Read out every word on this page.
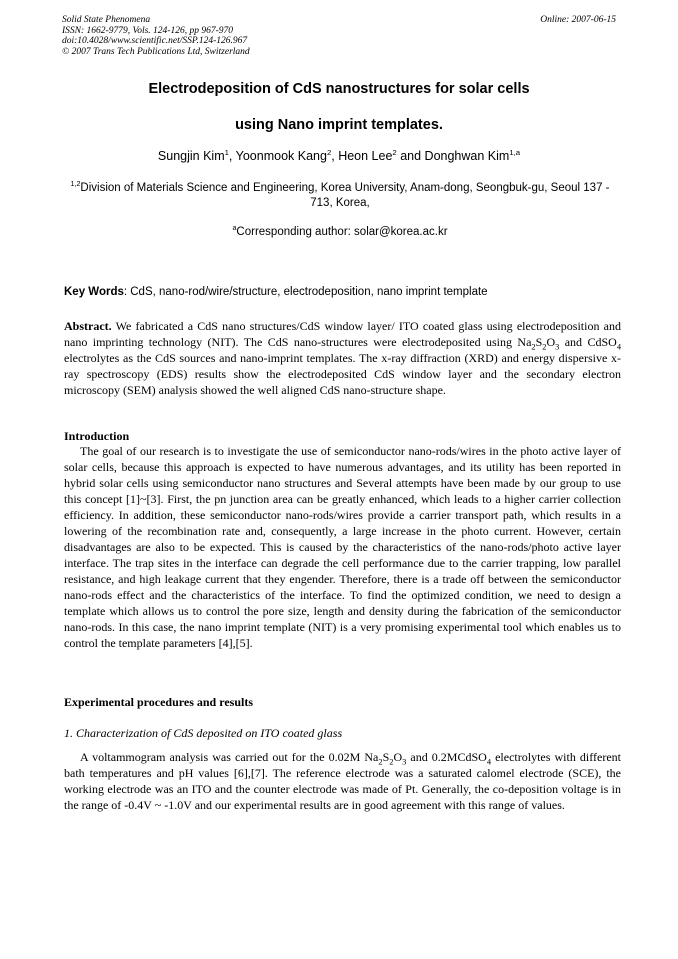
Solid State Phenomena
ISSN: 1662-9779, Vols. 124-126, pp 967-970
doi:10.4028/www.scientific.net/SSP.124-126.967
© 2007 Trans Tech Publications Ltd, Switzerland
Online: 2007-06-15
Electrodeposition of CdS nanostructures for solar cells
using Nano imprint templates.
Sungjin Kim$^1$, Yoonmook Kang$^2$, Heon Lee$^2$ and Donghwan Kim$^{1,a}$
$^{1,2}$Division of Materials Science and Engineering, Korea University, Anam-dong, Seongbuk-gu, Seoul 137 - 713, Korea,
$^a$Corresponding author: solar@korea.ac.kr
Key Words: CdS, nano-rod/wire/structure, electrodeposition, nano imprint template
Abstract. We fabricated a CdS nano structures/CdS window layer/ ITO coated glass using electrodeposition and nano imprinting technology (NIT). The CdS nano-structures were electrodeposited using $Na_2S_2O_3$ and CdSO$_4$ electrolytes as the CdS sources and nano-imprint templates. The x-ray diffraction (XRD) and energy dispersive x-ray spectroscopy (EDS) results show the electrodeposited CdS window layer and the secondary electron microscopy (SEM) analysis showed the well aligned CdS nano-structure shape.
Introduction
The goal of our research is to investigate the use of semiconductor nano-rods/wires in the photo active layer of solar cells, because this approach is expected to have numerous advantages, and its utility has been reported in hybrid solar cells using semiconductor nano structures and Several attempts have been made by our group to use this concept [1]~[3]. First, the pn junction area can be greatly enhanced, which leads to a higher carrier collection efficiency. In addition, these semiconductor nano-rods/wires provide a carrier transport path, which results in a lowering of the recombination rate and, consequently, a large increase in the photo current. However, certain disadvantages are also to be expected. This is caused by the characteristics of the nano-rods/photo active layer interface. The trap sites in the interface can degrade the cell performance due to the carrier trapping, low parallel resistance, and high leakage current that they engender. Therefore, there is a trade off between the semiconductor nano-rods effect and the characteristics of the interface. To find the optimized condition, we need to design a template which allows us to control the pore size, length and density during the fabrication of the semiconductor nano-rods. In this case, the nano imprint template (NIT) is a very promising experimental tool which enables us to control the template parameters [4],[5].
Experimental procedures and results
1. Characterization of CdS deposited on ITO coated glass
A voltammogram analysis was carried out for the 0.02M $Na_2S_2O_3$ and 0.2MCdSO$_4$ electrolytes with different bath temperatures and pH values [6],[7]. The reference electrode was a saturated calomel electrode (SCE), the working electrode was an ITO and the counter electrode was made of Pt. Generally, the co-deposition voltage is in the range of -0.4V ~ -1.0V and our experimental results are in good agreement with this range of values.
